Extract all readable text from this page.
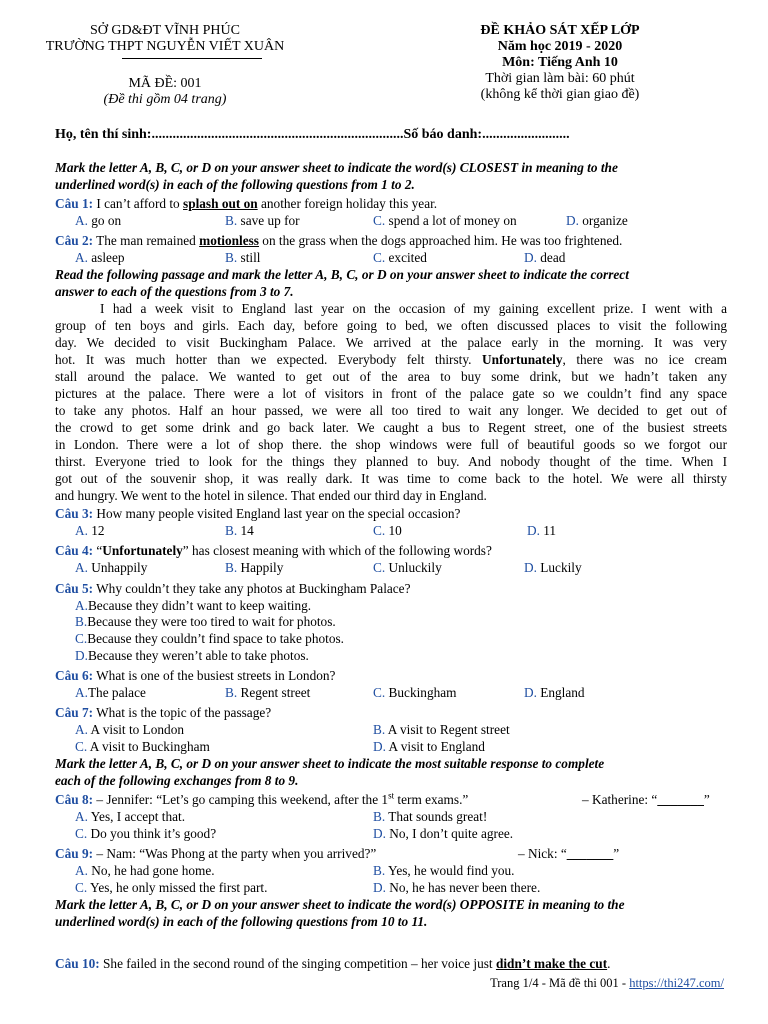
SỞ GD&ĐT VĨNH PHÚC
TRƯỜNG THPT NGUYỄN VIẾT XUÂN
MÃ ĐỀ: 001
(Đề thi gồm 04 trang)
ĐỀ KHẢO SÁT XẾP LỚP
Năm học 2019 - 2020
Môn: Tiếng Anh 10
Thời gian làm bài: 60 phút
(không kể thời gian giao đề)
Họ, tên thí sinh:........................................................................Số báo danh:.........................
Mark the letter A, B, C, or D on your answer sheet to indicate the word(s) CLOSEST in meaning to the
underlined word(s) in each of the following questions from 1 to 2.
Câu 1: I can’t afford to splash out on another foreign holiday this year.
A. go on	B. save up for	C. spend a lot of money on	D. organize
Câu 2: The man remained motionless on the grass when the dogs approached him. He was too frightened.
A. asleep	B. still	C. excited	D. dead
Read the following passage and mark the letter A, B, C, or D on your answer sheet to indicate the correct
answer to each of the questions from 3 to 7.
I had a week visit to England last year on the occasion of my gaining excellent prize. I went with a
group of ten boys and girls. Each day, before going to bed, we often discussed places to visit the following
day. We decided to visit Buckingham Palace. We arrived at the palace early in the morning. It was very
hot. It was much hotter than we expected. Everybody felt thirsty. Unfortunately, there was no ice cream
stall around the palace. We wanted to get out of the area to buy some drink, but we hadn’t taken any
pictures at the palace. There were a lot of visitors in front of the palace gate so we couldn’t find any space
to take any photos. Half an hour passed, we were all too tired to wait any longer. We decided to get out of
the crowd to get some drink and go back later. We caught a bus to Regent street, one of the busiest streets
in London. There were a lot of shop there. the shop windows were full of beautiful goods so we forgot our
thirst. Everyone tried to look for the things they planned to buy. And nobody thought of the time. When I
got out of the souvenir shop, it was really dark. It was time to come back to the hotel. We were all thirsty
and hungry. We went to the hotel in silence. That ended our third day in England.
Câu 3: How many people visited England last year on the special occasion?
A. 12	B. 14	C. 10	D. 11
Câu 4: “Unfortunately” has closest meaning with which of the following words?
A. Unhappily	B. Happily	C. Unluckily	D. Luckily
Câu 5: Why couldn’t they take any photos at Buckingham Palace?
A.Because they didn’t want to keep waiting.
B.Because they were too tired to wait for photos.
C.Because they couldn’t find space to take photos.
D.Because they weren’t able to take photos.
Câu 6: What is one of the busiest streets in London?
A.The palace	B. Regent street	C. Buckingham	D. England
Câu 7: What is the topic of the passage?
A. A visit to London	B. A visit to Regent street
C. A visit to Buckingham	D. A visit to England
Mark the letter A, B, C, or D on your answer sheet to indicate the most suitable response to complete
each of the following exchanges from 8 to 9.
Câu 8: – Jennifer: “Let’s go camping this weekend, after the 1st term exams.”	– Katherine: “_______”
A. Yes, I accept that.	B. That sounds great!
C. Do you think it’s good?	D. No, I don’t quite agree.
Câu 9: – Nam: “Was Phong at the party when you arrived?”	– Nick: “_______”
A. No, he had gone home.	B. Yes, he would find you.
C. Yes, he only missed the first part.	D. No, he has never been there.
Mark the letter A, B, C, or D on your answer sheet to indicate the word(s) OPPOSITE in meaning to the
underlined word(s) in each of the following questions from 10 to 11.
Câu 10: She failed in the second round of the singing competition – her voice just didn’t make the cut.
Trang 1/4 - Mã đề thi 001 - https://thi247.com/
